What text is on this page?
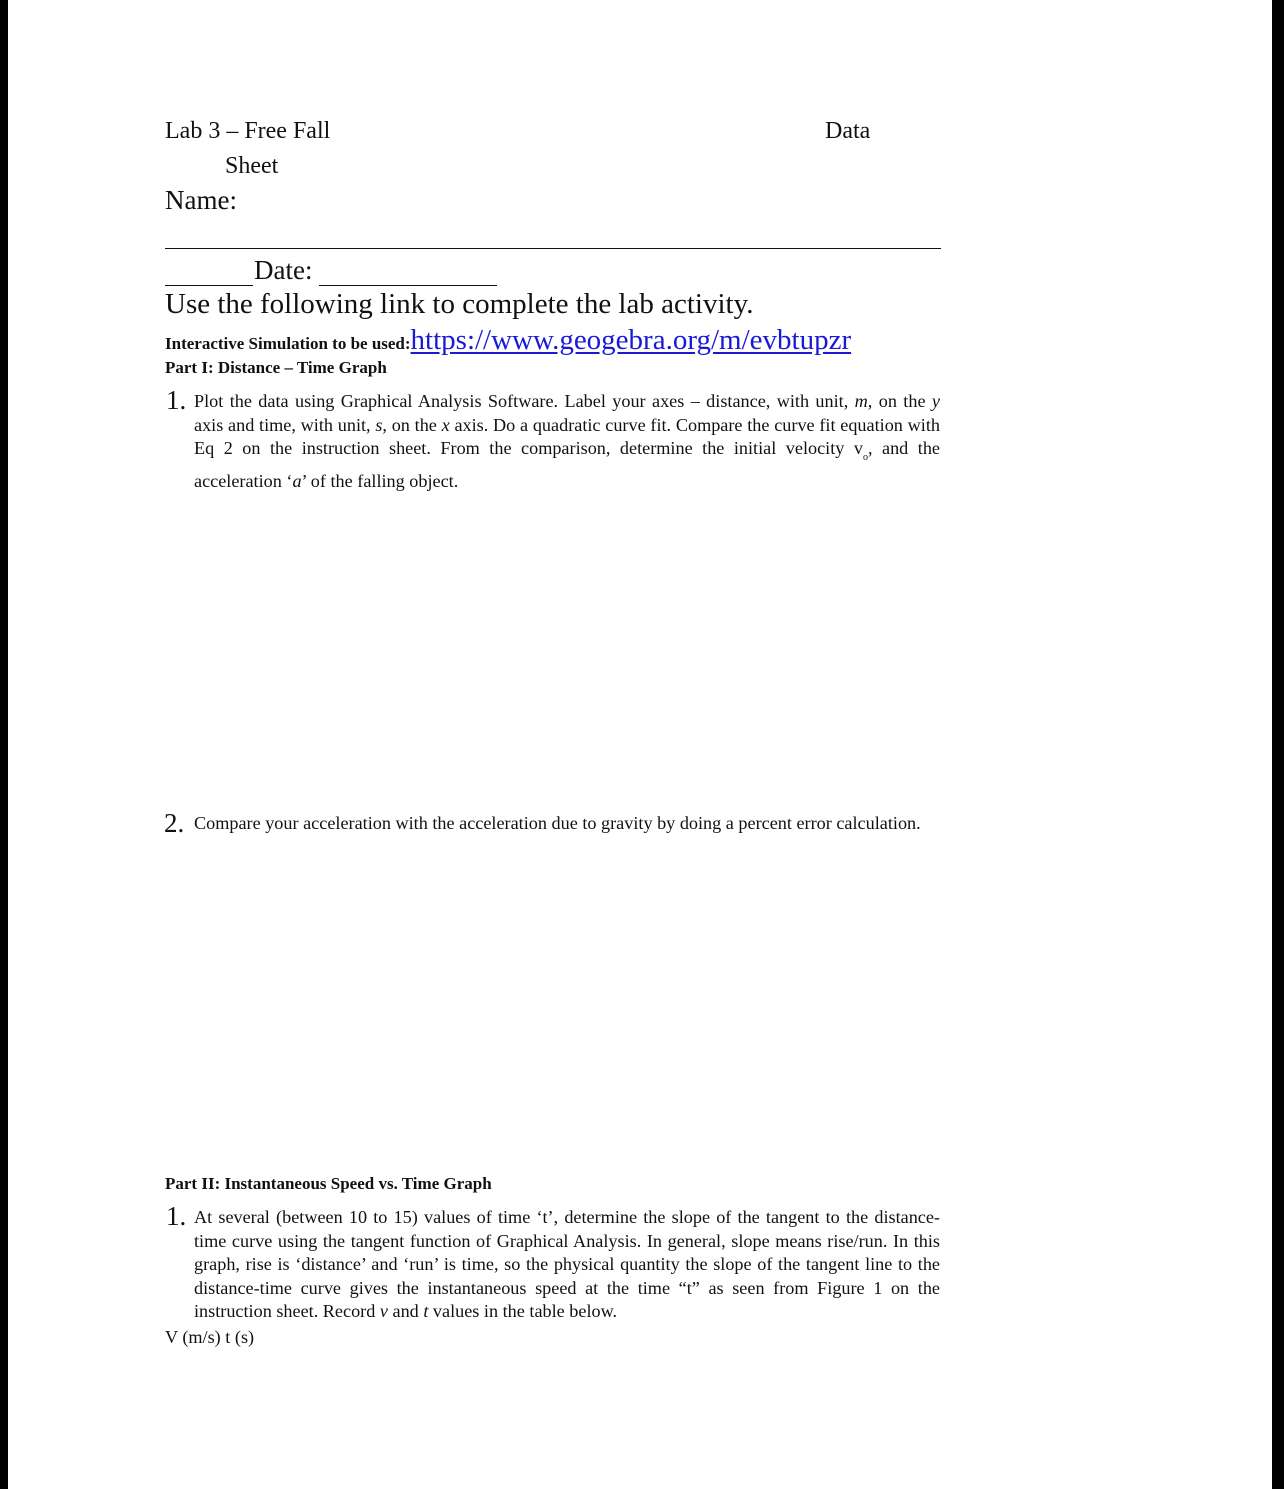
Lab 3 – Free Fall	Data
Sheet
Name:
Date:
Use the following link to complete the lab activity.
Interactive Simulation to be used:https://www.geogebra.org/m/evbtupzr
Part I: Distance – Time Graph
1. Plot the data using Graphical Analysis Software. Label your axes – distance, with unit, m, on the y axis and time, with unit, s, on the x axis. Do a quadratic curve fit. Compare the curve fit equation with Eq 2 on the instruction sheet. From the comparison, determine the initial velocity $v_o$, and the acceleration ‘a’ of the falling object.
2. Compare your acceleration with the acceleration due to gravity by doing a percent error calculation.
Part II: Instantaneous Speed vs. Time Graph
1. At several (between 10 to 15) values of time ‘t’, determine the slope of the tangent to the distance-time curve using the tangent function of Graphical Analysis. In general, slope means rise/run. In this graph, rise is ‘distance’ and ‘run’ is time, so the physical quantity the slope of the tangent line to the distance-time curve gives the instantaneous speed at the time “t” as seen from Figure 1 on the instruction sheet. Record v and t values in the table below.
V (m/s) t (s)
